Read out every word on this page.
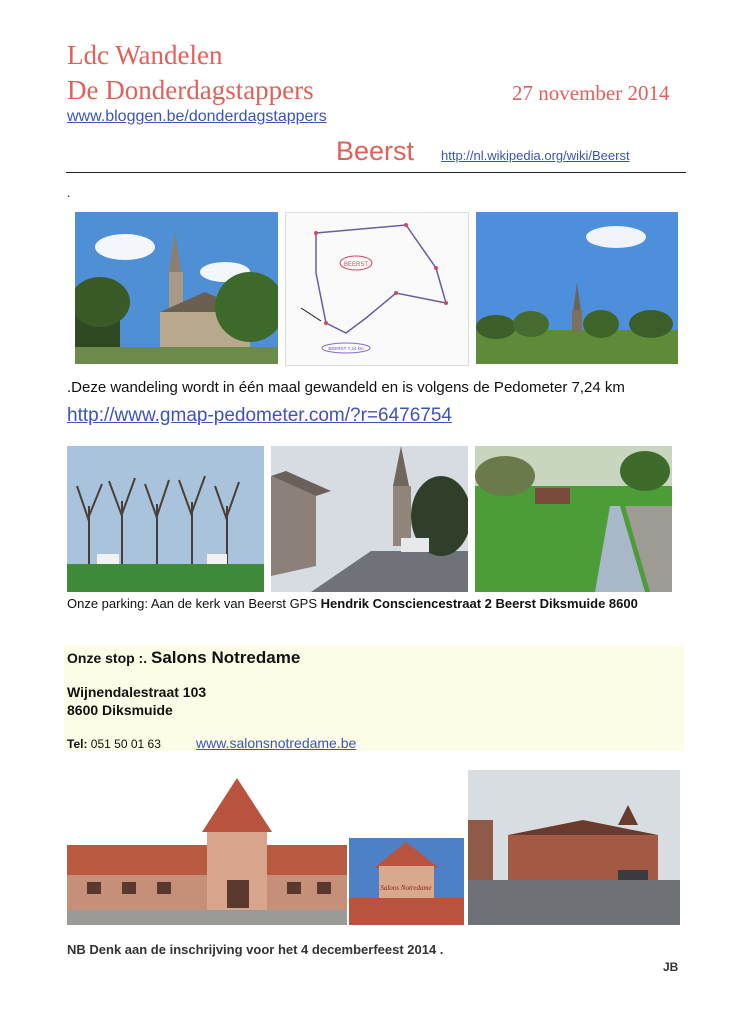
Ldc Wandelen
De Donderdagstappers	27 november 2014
www.bloggen.be/donderdagstappers
Beerst http://nl.wikipedia.org/wiki/Beerst
.
BEERST
BEERST 7,24 km
.Deze wandeling wordt in één maal gewandeld en is volgens de Pedometer 7,24 km
http://www.gmap-pedometer.com/?r=6476754
Onze parking: Aan de kerk van Beerst GPS Hendrik Consciencestraat 2 Beerst Diksmuide 8600
Onze stop :. Salons Notredame
Wijnendalestraat 103
8600 Diksmuide
Tel: 051 50 01 63	www.salonsnotredame.be
Salons Notredame
NB Denk aan de inschrijving voor het 4 decemberfeest 2014 .
JB
